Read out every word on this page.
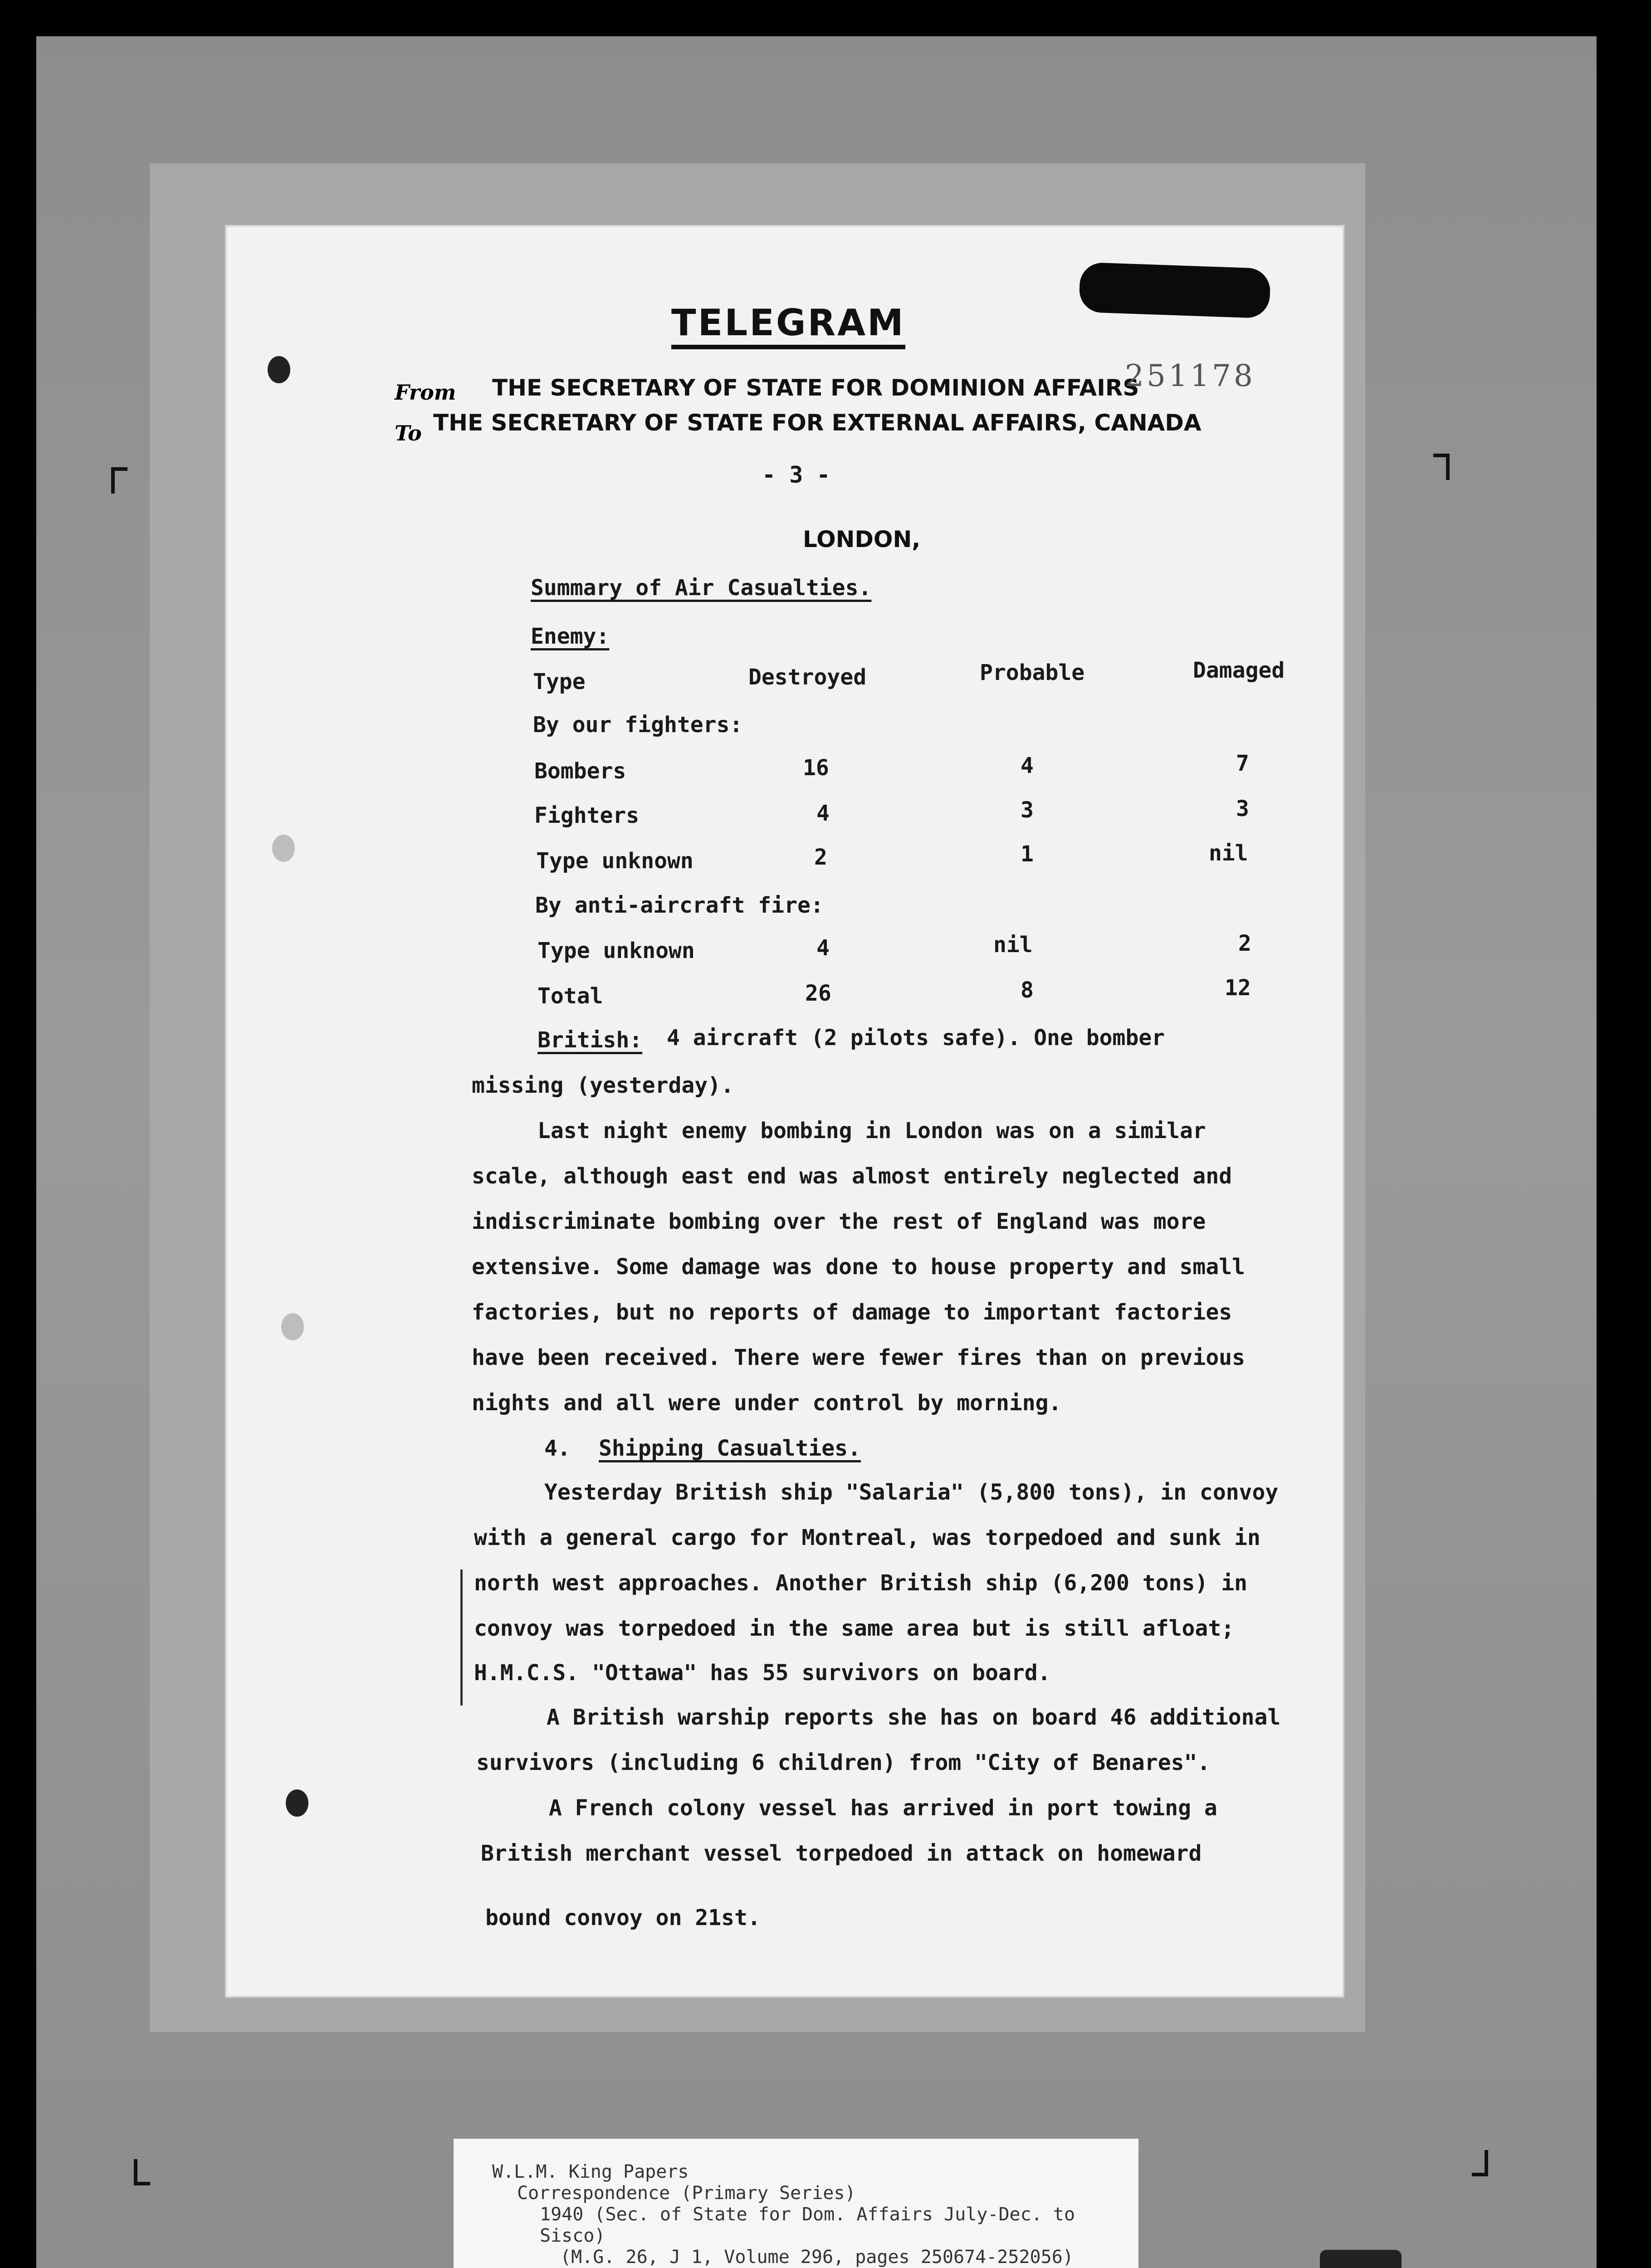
TELEGRAM
From THE SECRETARY OF STATE FOR DOMINION AFFAIRS
To THE SECRETARY OF STATE FOR EXTERNAL AFFAIRS, CANADA
251178
- 3 -
LONDON,
Summary of Air Casualties.
Enemy:
Type	Destroyed	Probable	Damaged
By our fighters:
Bombers	16	4	7
Fighters	4	3	3
Type unknown	2	1	nil
By anti-aircraft fire:
Type unknown	4	nil	2
Total	26	8	12
British: 4 aircraft (2 pilots safe). One bomber
missing (yesterday).
Last night enemy bombing in London was on a similar
scale, although east end was almost entirely neglected and
indiscriminate bombing over the rest of England was more
extensive. Some damage was done to house property and small
factories, but no reports of damage to important factories
have been received. There were fewer fires than on previous
nights and all were under control by morning.
4. Shipping Casualties.
Yesterday British ship "Salaria" (5,800 tons), in convoy
with a general cargo for Montreal, was torpedoed and sunk in
north west approaches. Another British ship (6,200 tons) in
convoy was torpedoed in the same area but is still afloat;
H.M.C.S. "Ottawa" has 55 survivors on board.
A British warship reports she has on board 46 additional
survivors (including 6 children) from "City of Benares".
A French colony vessel has arrived in port towing a
British merchant vessel torpedoed in attack on homeward
bound convoy on 21st.
W.L.M. King Papers
Correspondence (Primary Series)
1940 (Sec. of State for Dom. Affairs July-Dec. to
Sisco)
(M.G. 26, J 1, Volume 296, pages 250674-252056)
